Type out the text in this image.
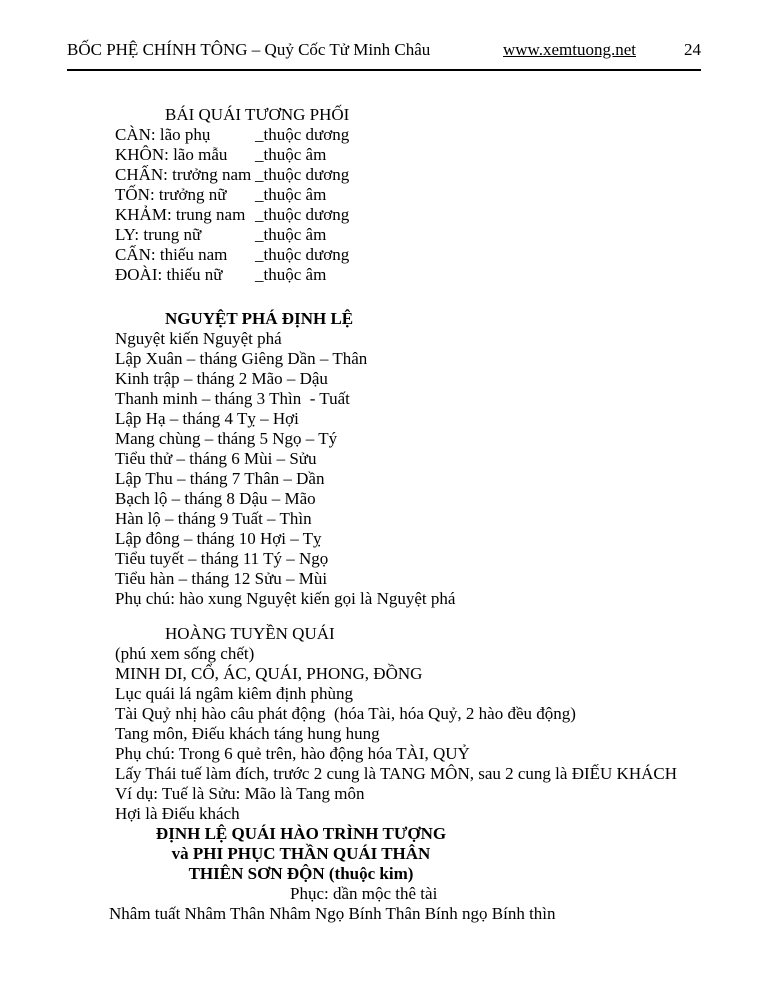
BỐC PHỆ CHÍNH TÔNG – Quỷ Cốc Tử Minh Châu	www.xemtuong.net	24
BÁI QUÁI TƯƠNG PHỐI
CÀN: lão phụ	_thuộc dương
KHÔN: lão mẫu	_thuộc âm
CHẤN: trưởng nam _thuộc dương
TỐN: trưởng nữ	_thuộc âm
KHẢM: trung nam _thuộc dương
LY: trung nữ	_thuộc âm
CẤN: thiếu nam	_thuộc dương
ĐOÀI: thiếu nữ	_thuộc âm
NGUYỆT PHÁ ĐỊNH LỆ
Nguyệt kiến Nguyệt phá
Lập Xuân – tháng Giêng Dần – Thân
Kinh trập – tháng 2 Mão – Dậu
Thanh minh – tháng 3 Thìn  - Tuất
Lập Hạ – tháng 4 Tỵ – Hợi
Mang chùng – tháng 5 Ngọ – Tý
Tiểu thử – tháng 6 Mùi – Sửu
Lập Thu – tháng 7 Thân – Dần
Bạch lộ – tháng 8 Dậu – Mão
Hàn lộ – tháng 9 Tuất – Thìn
Lập đông – tháng 10 Hợi – Tỵ
Tiểu tuyết – tháng 11 Tý – Ngọ
Tiểu hàn – tháng 12 Sửu – Mùi
Phụ chú: hào xung Nguyệt kiến gọi là Nguyệt phá
HOÀNG TUYỀN QUÁI
(phú xem sống chết)
MINH DI, CỔ, ÁC, QUÁI, PHONG, ĐỒNG
Lục quái lá ngâm kiêm định phùng
Tài Quỷ nhị hào câu phát động  (hóa Tài, hóa Quỷ, 2 hào đều động)
Tang môn, Điếu khách táng hung hung
Phụ chú: Trong 6 quẻ trên, hào động hóa TÀI, QUỶ
Lấy Thái tuế làm đích, trước 2 cung là TANG MÔN, sau 2 cung là ĐIẾU KHÁCH
Ví dụ: Tuế là Sửu: Mão là Tang môn
Hợi là Điếu khách
ĐỊNH LỆ QUÁI HÀO TRÌNH TƯỢNG
và PHI PHỤC THẦN QUÁI THÂN
THIÊN SƠN ĐỘN (thuộc kim)
Phục: dần mộc thê tài
Nhâm tuất Nhâm Thân Nhâm Ngọ Bính Thân Bính ngọ Bính thìn
